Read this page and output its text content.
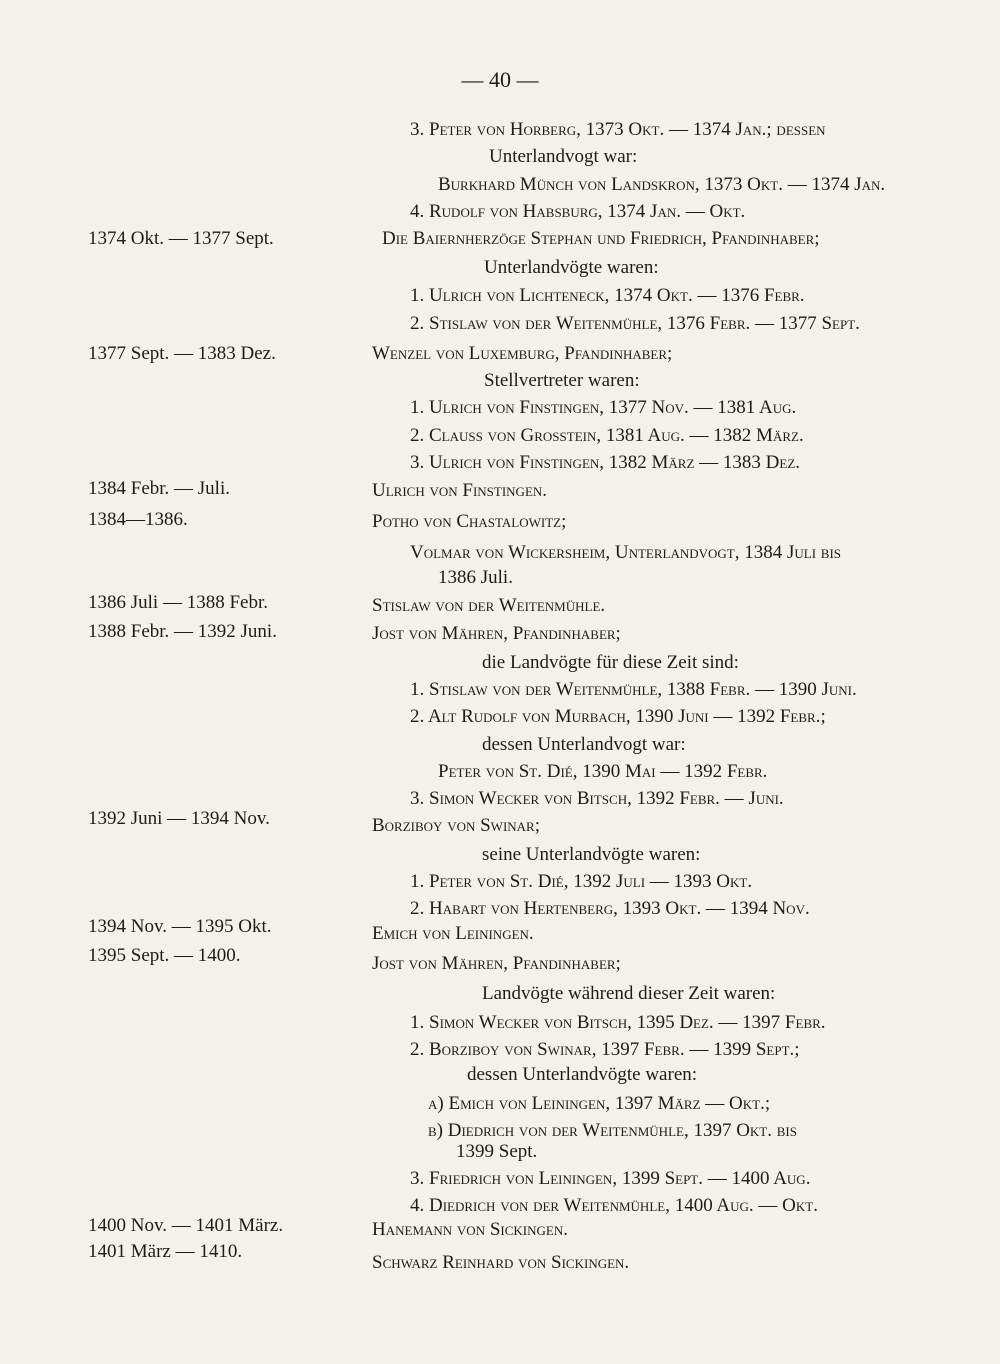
— 40 —
1374 Okt. — 1377 Sept.
1377 Sept. — 1383 Dez.
1384 Febr. — Juli.
1384—1386.
1386 Juli — 1388 Febr.
1388 Febr. — 1392 Juni.
1392 Juni — 1394 Nov.
1394 Nov. — 1395 Okt.
1395 Sept. — 1400.
1400 Nov. — 1401 März.
1401 März — 1410.
3. Peter von Horberg, 1373 Okt. — 1374 Jan.; dessen
Unterlandvogt war:
Burkhard Münch von Landskron, 1373 Okt. — 1374 Jan.
4. Rudolf von Habsburg, 1374 Jan. — Okt.
Die Baiernherzöge Stephan und Friedrich, Pfandinhaber;
Unterlandvögte waren:
1. Ulrich von Lichteneck, 1374 Okt. — 1376 Febr.
2. Stislaw von der Weitenmühle, 1376 Febr. — 1377 Sept.
Wenzel von Luxemburg, Pfandinhaber;
Stellvertreter waren:
1. Ulrich von Finstingen, 1377 Nov. — 1381 Aug.
2. Clauss von Grosstein, 1381 Aug. — 1382 März.
3. Ulrich von Finstingen, 1382 März — 1383 Dez.
Ulrich von Finstingen.
Potho von Chastalowitz;
Volmar von Wickersheim, Unterlandvogt, 1384 Juli bis
1386 Juli.
Stislaw von der Weitenmühle.
Jost von Mähren, Pfandinhaber;
die Landvögte für diese Zeit sind:
1. Stislaw von der Weitenmühle, 1388 Febr. — 1390 Juni.
2. Alt Rudolf von Murbach, 1390 Juni — 1392 Febr.;
dessen Unterlandvogt war:
Peter von St. Dié, 1390 Mai — 1392 Febr.
3. Simon Wecker von Bitsch, 1392 Febr. — Juni.
Borziboy von Swinar;
seine Unterlandvögte waren:
1. Peter von St. Dié, 1392 Juli — 1393 Okt.
2. Habart von Hertenberg, 1393 Okt. — 1394 Nov.
Emich von Leiningen.
Jost von Mähren, Pfandinhaber;
Landvögte während dieser Zeit waren:
1. Simon Wecker von Bitsch, 1395 Dez. — 1397 Febr.
2. Borziboy von Swinar, 1397 Febr. — 1399 Sept.;
dessen Unterlandvögte waren:
a) Emich von Leiningen, 1397 März — Okt.;
b) Diedrich von der Weitenmühle, 1397 Okt. bis
1399 Sept.
3. Friedrich von Leiningen, 1399 Sept. — 1400 Aug.
4. Diedrich von der Weitenmühle, 1400 Aug. — Okt.
Hanemann von Sickingen.
Schwarz Reinhard von Sickingen.
